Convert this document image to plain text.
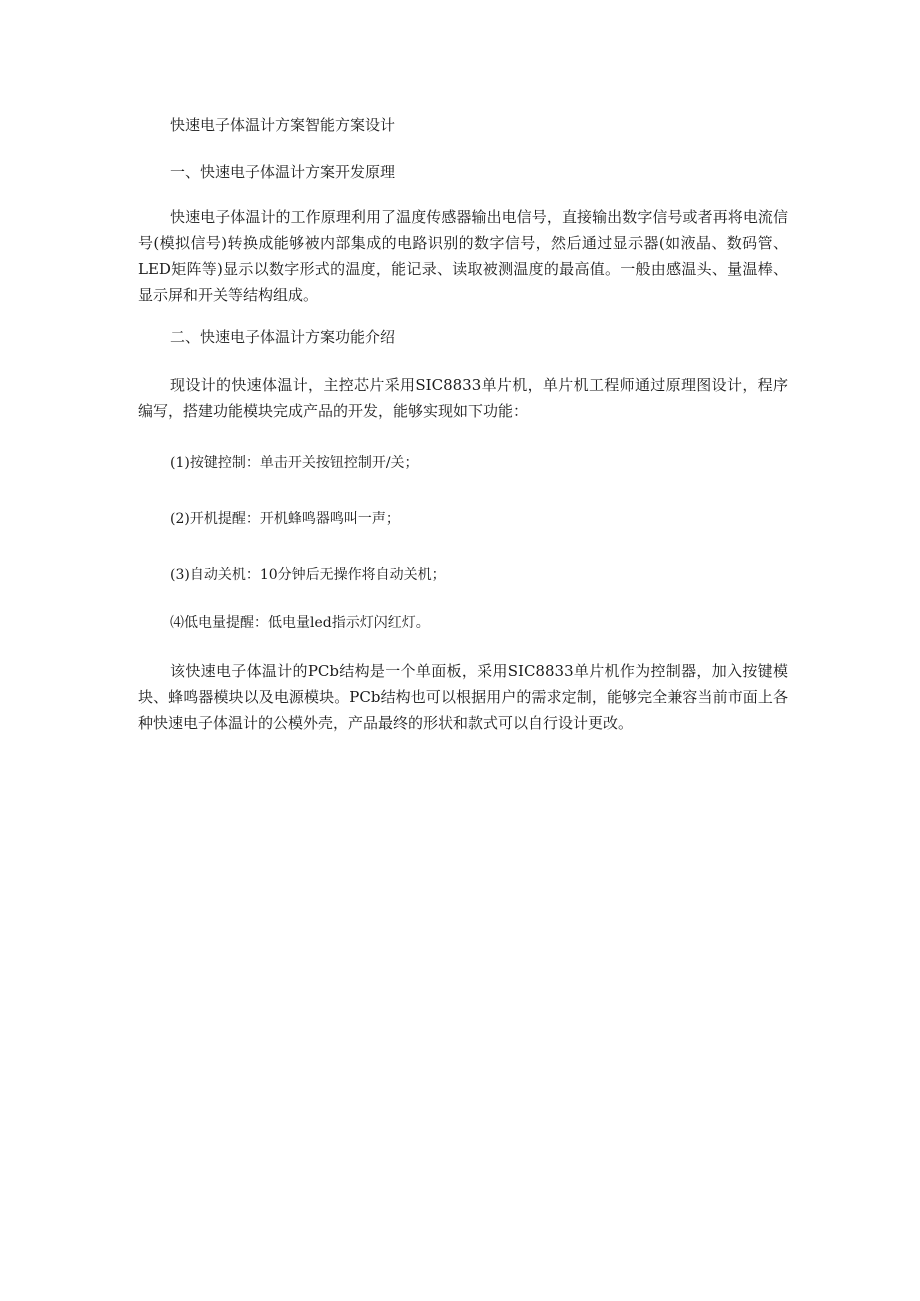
快速电子体温计方案智能方案设计
一、快速电子体温计方案开发原理
快速电子体温计的工作原理利用了温度传感器输出电信号，直接输出数字信号或者再将电流信号(模拟信号)转换成能够被内部集成的电路识别的数字信号，然后通过显示器(如液晶、数码管、LED矩阵等)显示以数字形式的温度，能记录、读取被测温度的最高值。一般由感温头、量温棒、显示屏和开关等结构组成。
二、快速电子体温计方案功能介绍
现设计的快速体温计，主控芯片采用SIC8833单片机，单片机工程师通过原理图设计，程序编写，搭建功能模块完成产品的开发，能够实现如下功能：
(1)按键控制：单击开关按钮控制开/关；
(2)开机提醒：开机蜂鸣器鸣叫一声；
(3)自动关机：10分钟后无操作将自动关机；
⑷低电量提醒：低电量led指示灯闪红灯。
该快速电子体温计的PCb结构是一个单面板，采用SIC8833单片机作为控制器，加入按键模块、蜂鸣器模块以及电源模块。PCb结构也可以根据用户的需求定制，能够完全兼容当前市面上各种快速电子体温计的公模外壳，产品最终的形状和款式可以自行设计更改。
